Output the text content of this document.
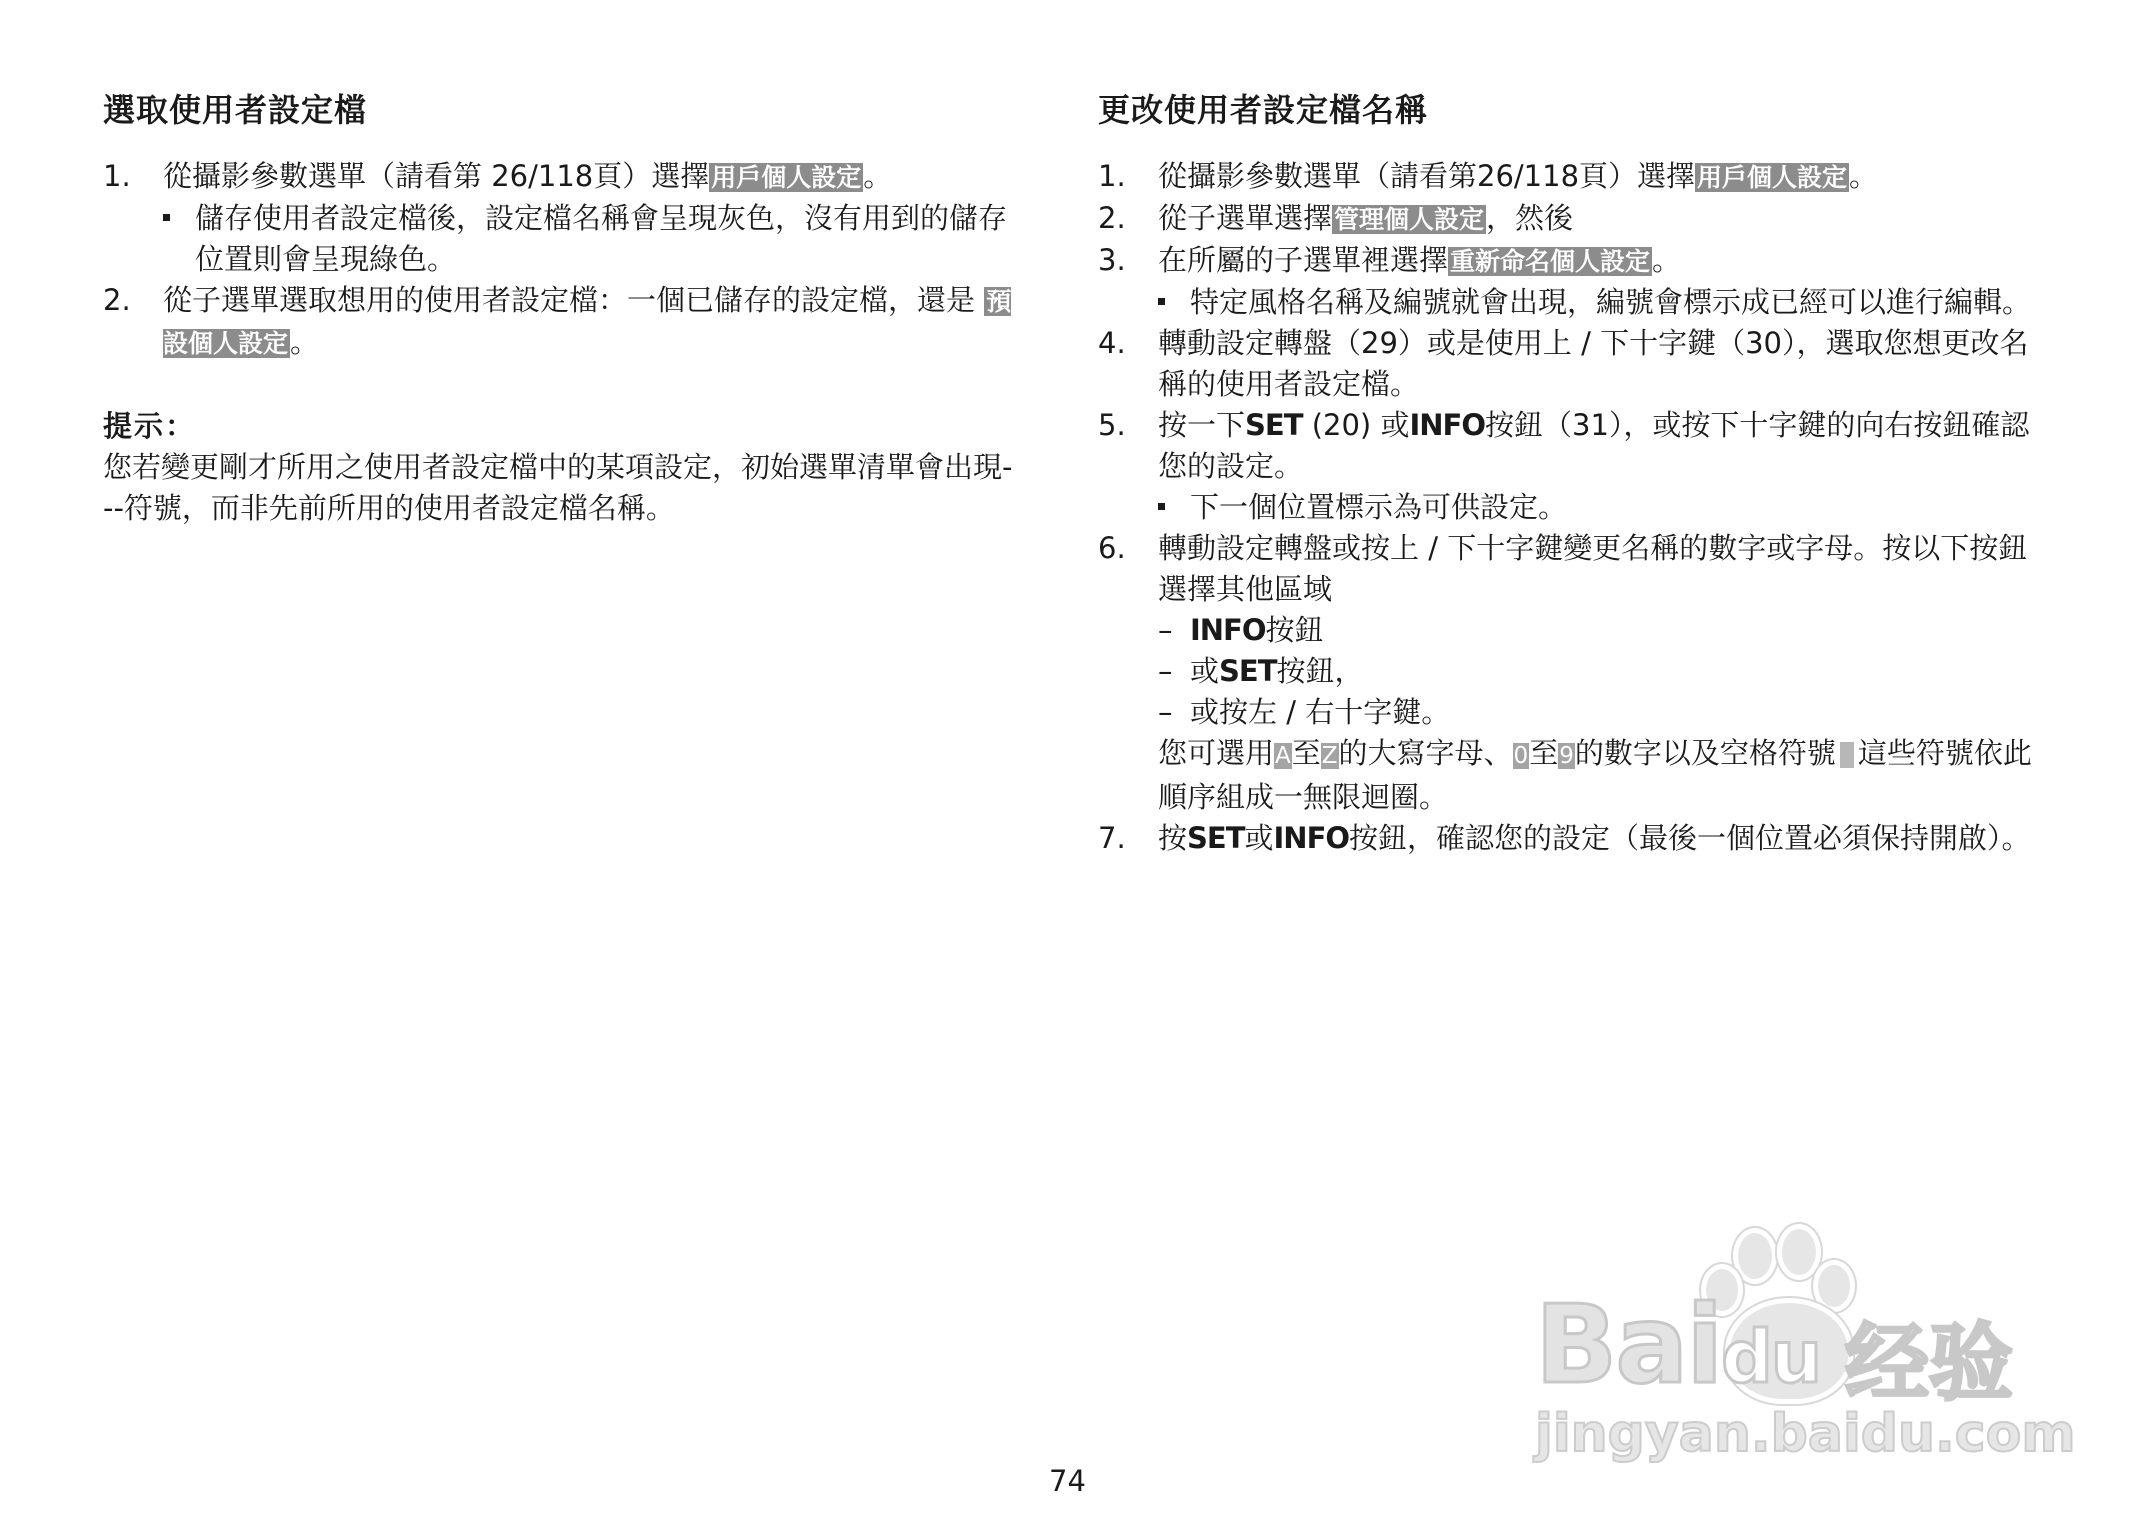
選取使用者設定檔
1.	從攝影參數選單（請看第 26/118頁）選擇用戶個人設定。
儲存使用者設定檔後，設定檔名稱會呈現灰色，沒有用到的儲存位置則會呈現綠色。
2.	從子選單選取想用的使用者設定檔：一個已儲存的設定檔，還是 預設個人設定。
提示：
您若變更剛才所用之使用者設定檔中的某項設定，初始選單清單會出現---符號，而非先前所用的使用者設定檔名稱。
更改使用者設定檔名稱
1.	從攝影參數選單（請看第26/118頁）選擇用戶個人設定。
2.	從子選單選擇管理個人設定，然後
3.	在所屬的子選單裡選擇重新命名個人設定。
特定風格名稱及編號就會出現，編號會標示成已經可以進行編輯。
4.	轉動設定轉盤（29）或是使用上 / 下十字鍵（30），選取您想更改名稱的使用者設定檔。
5.	按一下SET (20) 或INFO按鈕（31），或按下十字鍵的向右按鈕確認您的設定。
下一個位置標示為可供設定。
6.	轉動設定轉盤或按上 / 下十字鍵變更名稱的數字或字母。按以下按鈕選擇其他區域
– INFO按鈕
– 或SET按鈕，
– 或按左 / 右十字鍵。
您可選用A至Z的大寫字母、0至9的數字以及空格符號 這些符號依此順序組成一無限迴圈。
7.	按SET或INFO按鈕，確認您的設定（最後一個位置必須保持開啟）。
Baidu 经验
jingyan.baidu.com
74
